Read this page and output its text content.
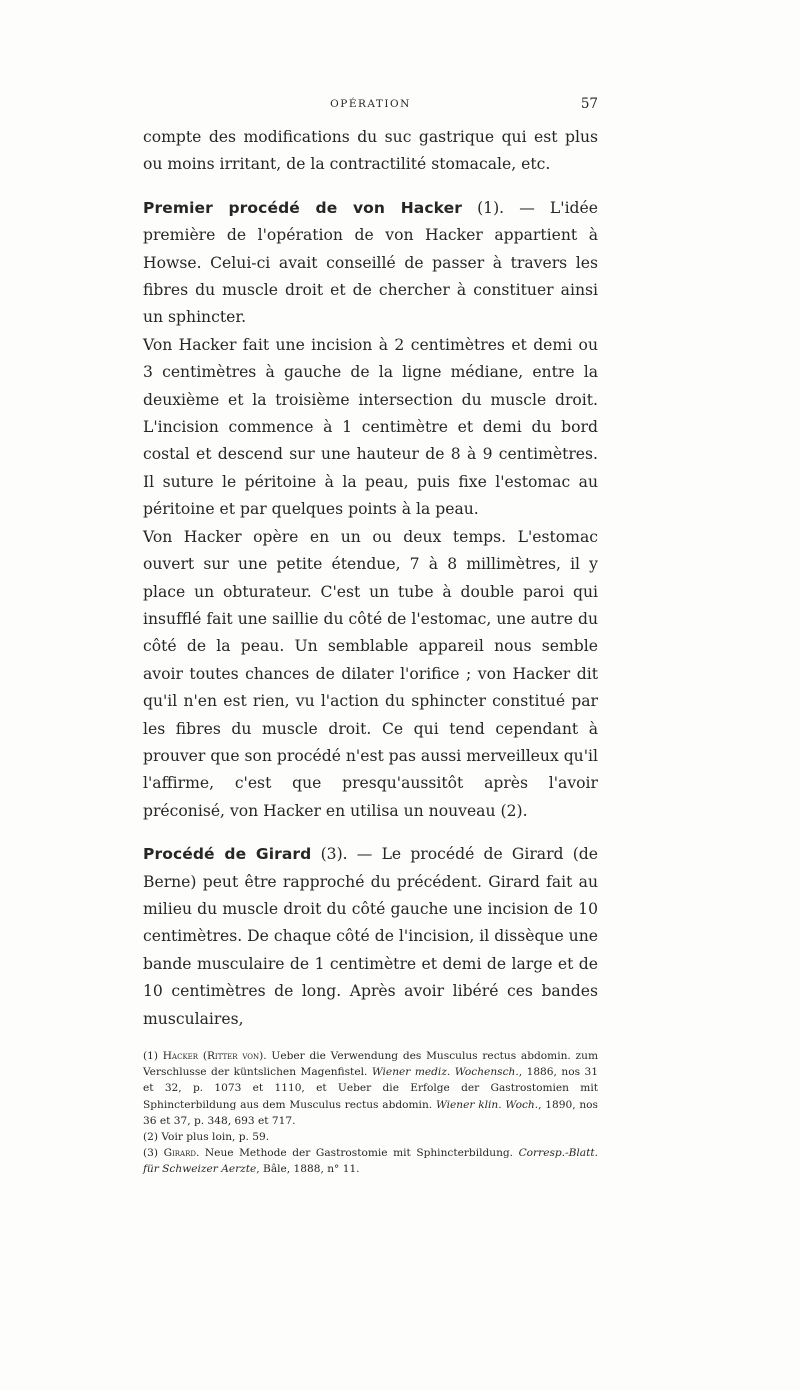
OPÉRATION	57

compte des modifications du suc gastrique qui est plus ou moins irritant, de la contractilité stomacale, etc.

Premier procédé de von Hacker (1). — L'idée première de l'opération de von Hacker appartient à Howse. Celui-ci avait conseillé de passer à travers les fibres du muscle droit et de chercher à constituer ainsi un sphincter.

Von Hacker fait une incision à 2 centimètres et demi ou 3 centimètres à gauche de la ligne médiane, entre la deuxième et la troisième intersection du muscle droit. L'incision commence à 1 centimètre et demi du bord costal et descend sur une hauteur de 8 à 9 centimètres. Il suture le péritoine à la peau, puis fixe l'estomac au péritoine et par quelques points à la peau.

Von Hacker opère en un ou deux temps. L'estomac ouvert sur une petite étendue, 7 à 8 millimètres, il y place un obturateur. C'est un tube à double paroi qui insufflé fait une saillie du côté de l'estomac, une autre du côté de la peau. Un semblable appareil nous semble avoir toutes chances de dilater l'orifice ; von Hacker dit qu'il n'en est rien, vu l'action du sphincter constitué par les fibres du muscle droit. Ce qui tend cependant à prouver que son procédé n'est pas aussi merveilleux qu'il l'affirme, c'est que presqu'aussitôt après l'avoir préconisé, von Hacker en utilisa un nouveau (2).

Procédé de Girard (3). — Le procédé de Girard (de Berne) peut être rapproché du précédent. Girard fait au milieu du muscle droit du côté gauche une incision de 10 centimètres. De chaque côté de l'incision, il dissèque une bande musculaire de 1 centimètre et demi de large et de 10 centimètres de long. Après avoir libéré ces bandes musculaires,

(1) Hacker (Ritter von). Ueber die Verwendung des Musculus rectus abdomin. zum Verschlusse der küntslichen Magenfistel. Wiener mediz. Wochensch., 1886, nos 31 et 32, p. 1073 et 1110, et Ueber die Erfolge der Gastrostomien mit Sphincterbildung aus dem Musculus rectus abdomin. Wiener klin. Woch., 1890, nos 36 et 37, p. 348, 693 et 717.

(2) Voir plus loin, p. 59.

(3) Girard. Neue Methode der Gastrostomie mit Sphincterbildung. Corresp.-Blatt. für Schweizer Aerzte, Bâle, 1888, n° 11.
